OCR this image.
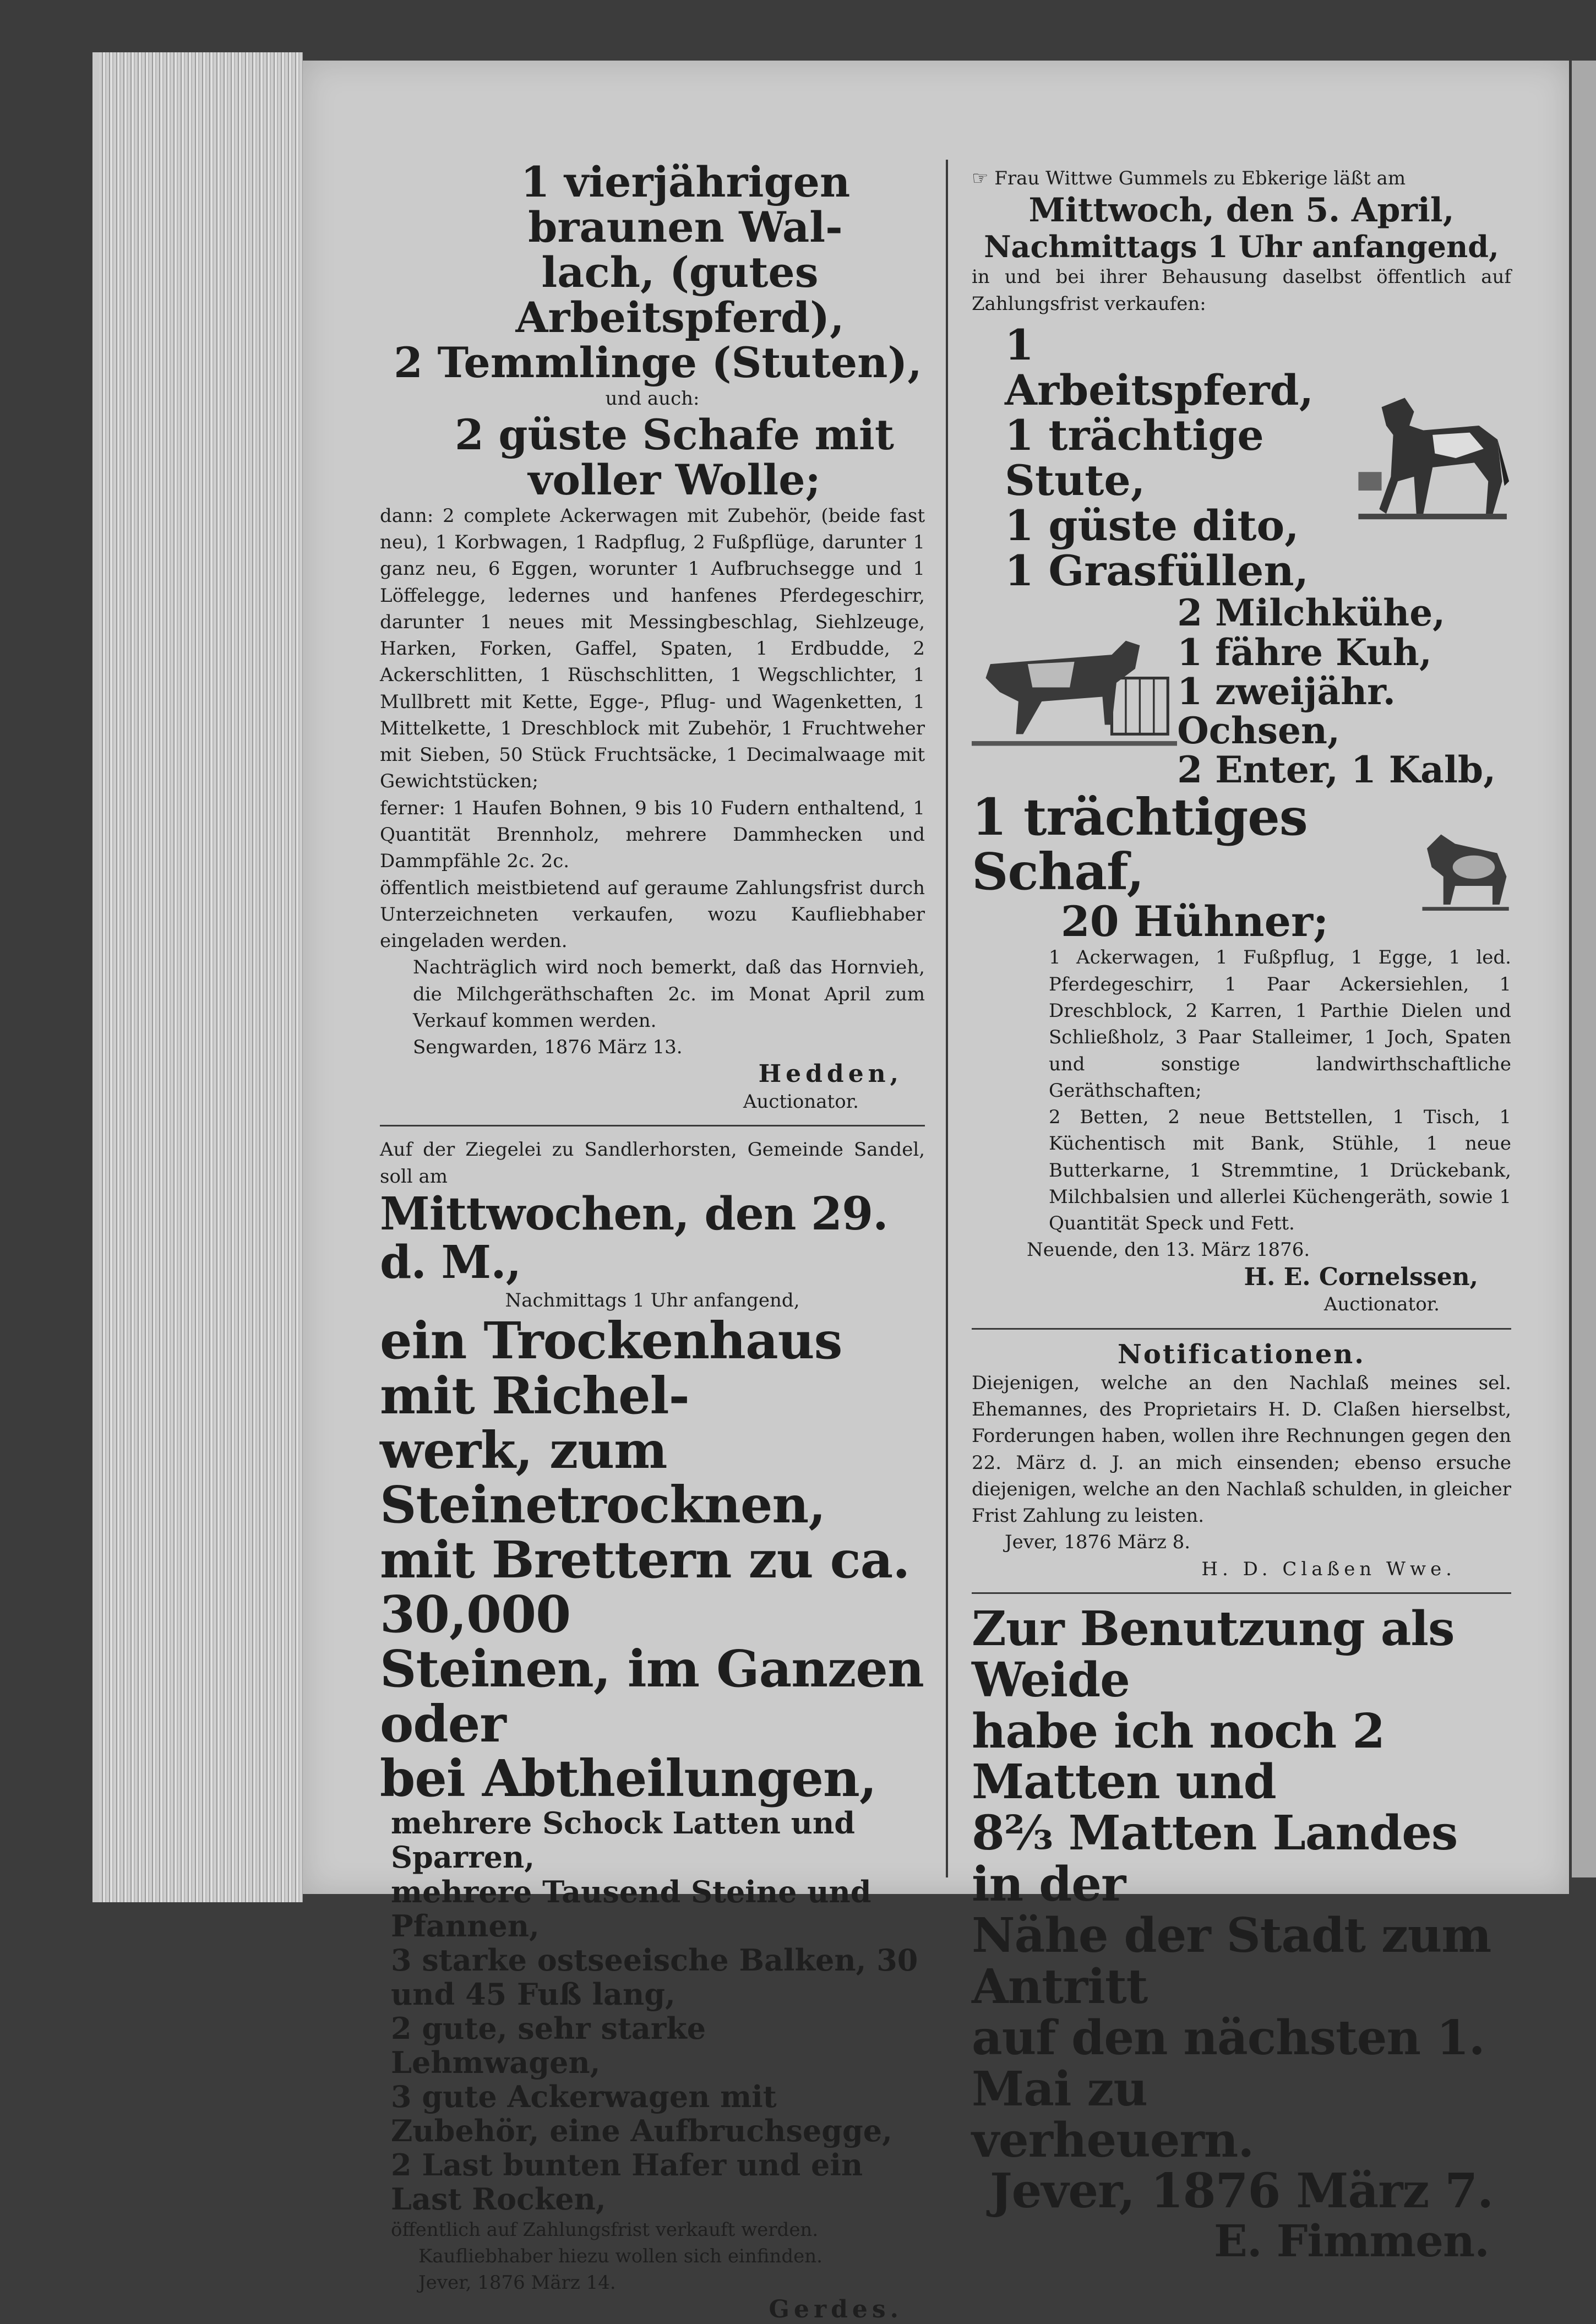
1 vierjährigen braunen Wal-
lach, (gutes Arbeitspferd),
2 Temmlinge (Stuten),
und auch:
2 güste Schafe mit voller Wolle;
dann: 2 complete Ackerwagen mit Zubehör, (beide fast neu), 1 Korbwagen, 1 Radpflug, 2 Fußpflüge, darunter 1 ganz neu, 6 Eggen, worunter 1 Aufbruchsegge und 1 Löffelegge, ledernes und hanfenes Pferdegeschirr, darunter 1 neues mit Messingbeschlag, Siehlzeuge, Harken, Forken, Gaffel, Spaten, 1 Erdbudde, 2 Ackerschlitten, 1 Rüschschlitten, 1 Wegschlichter, 1 Mullbrett mit Kette, Egge-, Pflug- und Wagenketten, 1 Mittelkette, 1 Dreschblock mit Zubehör, 1 Fruchtweher mit Sieben, 50 Stück Fruchtsäcke, 1 Decimalwaage mit Gewichtstücken;
ferner: 1 Haufen Bohnen, 9 bis 10 Fudern enthaltend, 1 Quantität Brennholz, mehrere Dammhecken und Dammpfähle 2c. 2c.
öffentlich meistbietend auf geraume Zahlungsfrist durch Unterzeichneten verkaufen, wozu Kaufliebhaber eingeladen werden.
Nachträglich wird noch bemerkt, daß das Hornvieh, die Milchgeräthschaften 2c. im Monat April zum Verkauf kommen werden.
Sengwarden, 1876 März 13.
Hedden,
Auctionator.
Auf der Ziegelei zu Sandlerhorsten, Gemeinde Sandel, soll am
Mittwochen, den 29. d. M.,
Nachmittags 1 Uhr anfangend,
ein Trockenhaus mit Richel-
werk, zum Steinetrocknen,
mit Brettern zu ca. 30,000
Steinen, im Ganzen oder
bei Abtheilungen,
mehrere Schock Latten und Sparren,
mehrere Tausend Steine und Pfannen,
3 starke ostseeische Balken, 30 und 45 Fuß lang,
2 gute, sehr starke Lehmwagen,
3 gute Ackerwagen mit Zubehör, eine Aufbruchsegge,
2 Last bunten Hafer und ein Last Rocken,
öffentlich auf Zahlungsfrist verkauft werden.
Kaufliebhaber hiezu wollen sich einfinden.
Jever, 1876 März 14.
Gerdes.
☞ Frau Wittwe Gummels zu Ebkerige läßt am
Mittwoch, den 5. April,
Nachmittags 1 Uhr anfangend,
in und bei ihrer Behausung daselbst öffentlich auf Zahlungsfrist verkaufen:
1 Arbeitspferd,
1 trächtige Stute,
1 güste dito,
1 Grasfüllen,
2 Milchkühe,
1 fähre Kuh,
1 zweijähr. Ochsen,
2 Enter, 1 Kalb,
1 trächtiges Schaf,
20 Hühner;
1 Ackerwagen, 1 Fußpflug, 1 Egge, 1 led. Pferdegeschirr, 1 Paar Ackersiehlen, 1 Dreschblock, 2 Karren, 1 Parthie Dielen und Schließholz, 3 Paar Stalleimer, 1 Joch, Spaten und sonstige landwirthschaftliche Geräthschaften;
2 Betten, 2 neue Bettstellen, 1 Tisch, 1 Küchentisch mit Bank, Stühle, 1 neue Butterkarne, 1 Stremmtine, 1 Drückebank, Milchbalsien und allerlei Küchengeräth, sowie 1 Quantität Speck und Fett.
Neuende, den 13. März 1876.
H. E. Cornelssen,
Auctionator.
Notificationen.
Diejenigen, welche an den Nachlaß meines sel. Ehemannes, des Proprietairs H. D. Claßen hierselbst, Forderungen haben, wollen ihre Rechnungen gegen den 22. März d. J. an mich einsenden; ebenso ersuche diejenigen, welche an den Nachlaß schulden, in gleicher Frist Zahlung zu leisten.
Jever, 1876 März 8.
H. D. Claßen Wwe.
Zur Benutzung als Weide
habe ich noch 2 Matten und
8⅔ Matten Landes in der
Nähe der Stadt zum Antritt
auf den nächsten 1. Mai zu
verheuern.
Jever, 1876 März 7.
E. Fimmen.
